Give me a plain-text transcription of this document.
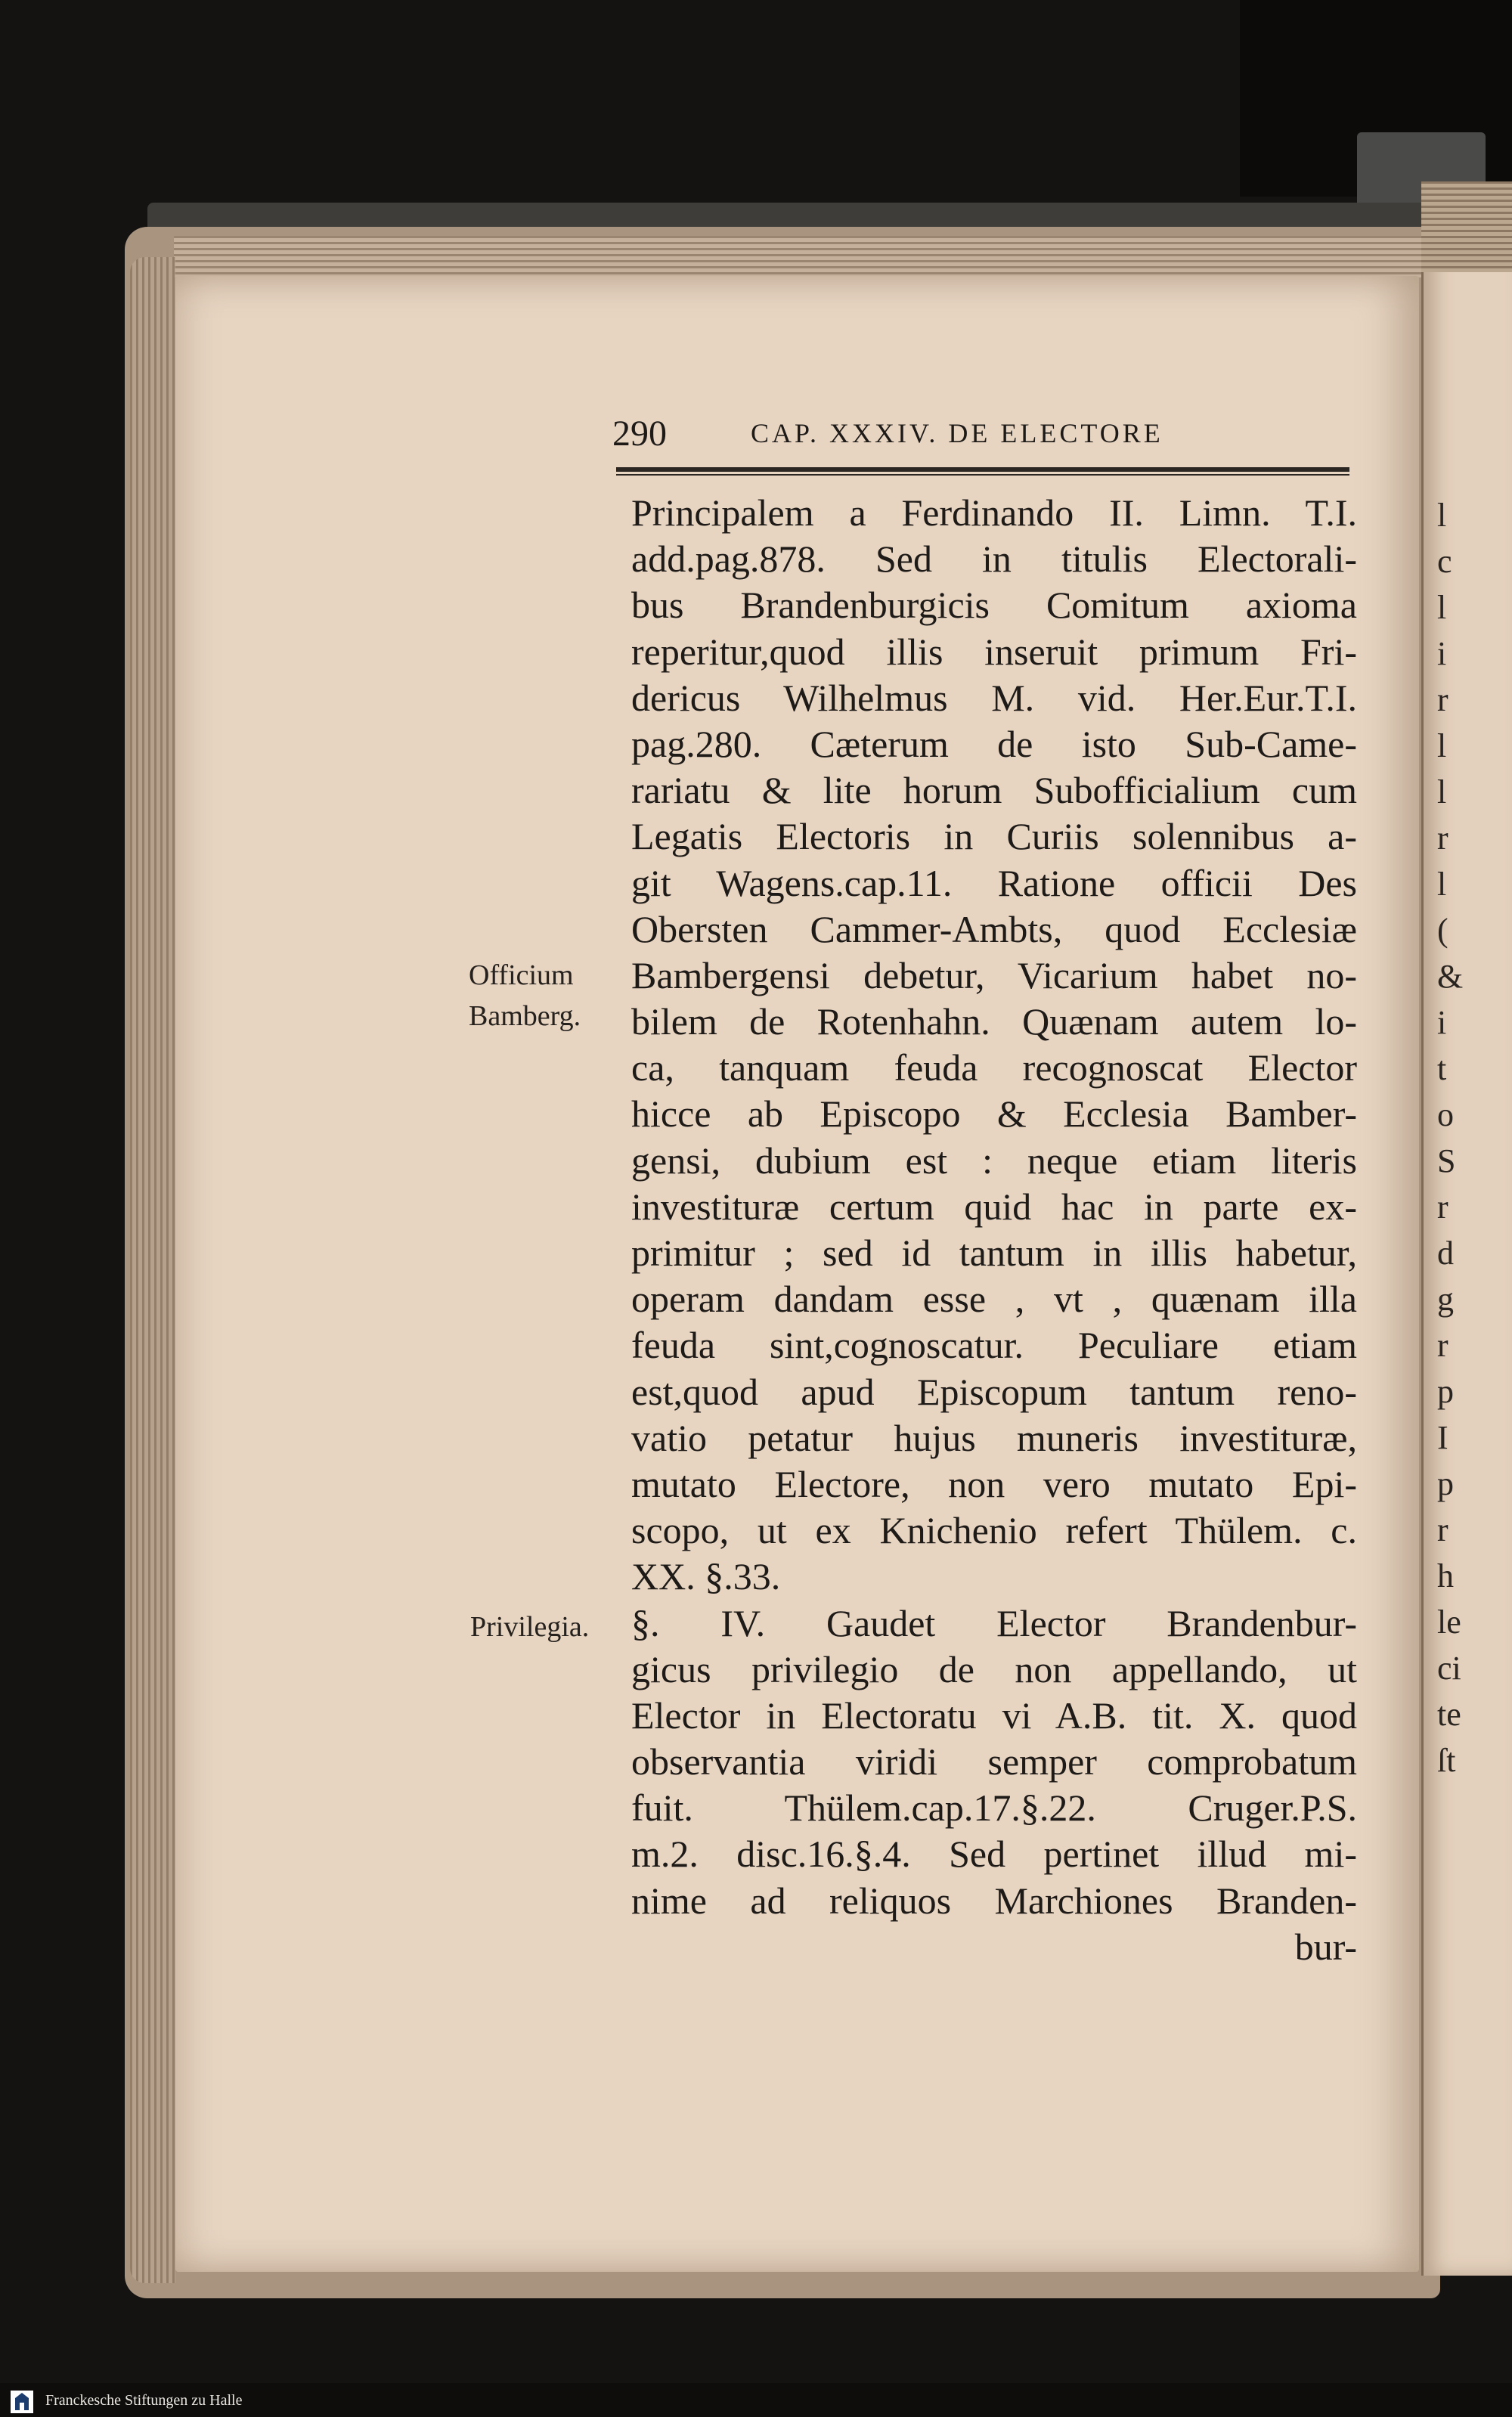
l
c
l
i
r
l
l
r
l
(
&
i
t
o
S
r
d
g
r
p
I
p
r
h
le
ci
te
ſt
290	CAP. XXXIV. DE ELECTORE
Officium
Bamberg.
Privilegia.
Principalem a Ferdinando II. Limn. T.I.
add.pag.878. Sed in titulis Electorali-
bus Brandenburgicis Comitum axioma
reperitur,quod illis inseruit primum Fri-
dericus Wilhelmus M. vid. Her.Eur.T.I.
pag.280. Cæterum de isto Sub-Came-
rariatu & lite horum Subofficialium cum
Legatis Electoris in Curiis solennibus a-
git Wagens.cap.11. Ratione officii Des
Obersten Cammer-Ambts, quod Ecclesiæ
Bambergensi debetur, Vicarium habet no-
bilem de Rotenhahn. Quænam autem lo-
ca, tanquam feuda recognoscat Elector
hicce ab Episcopo & Ecclesia Bamber-
gensi, dubium est : neque etiam literis
investituræ certum quid hac in parte ex-
primitur ; sed id tantum in illis habetur,
operam dandam esse , vt , quænam illa
feuda sint,cognoscatur. Peculiare etiam
est,quod apud Episcopum tantum reno-
vatio petatur hujus muneris investituræ,
mutato Electore, non vero mutato Epi-
scopo, ut ex Knichenio refert Thülem. c.
XX. §.33.
§. IV. Gaudet Elector Brandenbur-
gicus privilegio de non appellando, ut
Elector in Electoratu vi A.B. tit. X. quod
observantia viridi semper comprobatum
fuit. Thülem.cap.17.§.22. Cruger.P.S.
m.2. disc.16.§.4. Sed pertinet illud mi-
nime ad reliquos Marchiones Branden-
bur-
Franckesche Stiftungen zu Halle
